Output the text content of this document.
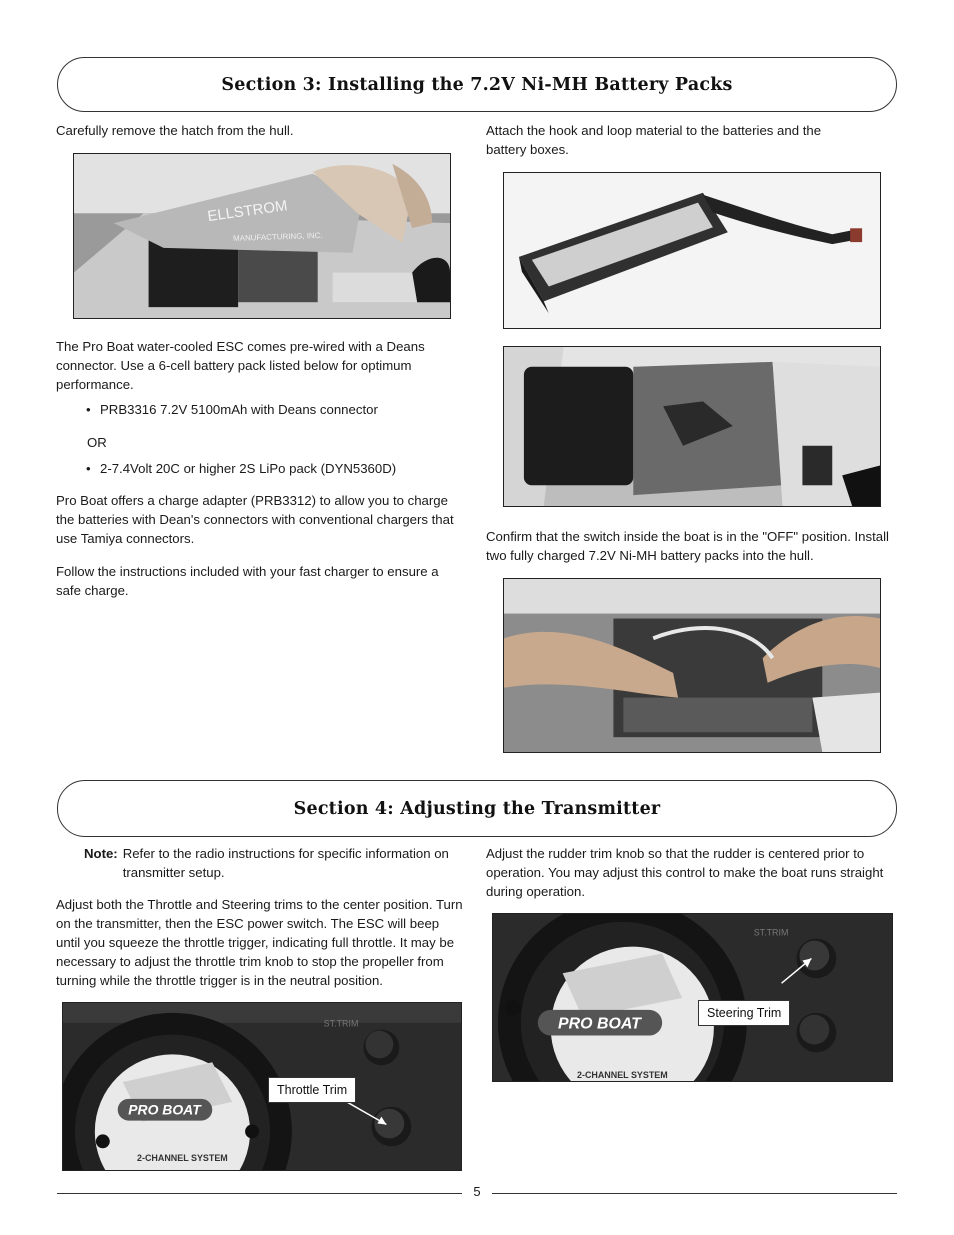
Section 3: Installing the 7.2V Ni-MH Battery Packs
Carefully remove the hatch from the hull.
ELLSTROM
MANUFACTURING, INC.
The Pro Boat water-cooled ESC comes pre-wired with a Deans connector. Use a 6-cell battery pack listed below for optimum performance.
• PRB3316 7.2V 5100mAh with Deans connector
OR
• 2-7.4Volt 20C or higher 2S LiPo pack (DYN5360D)
Pro Boat offers a charge adapter (PRB3312) to allow you to charge the batteries with Dean's connectors with conventional chargers that use Tamiya connectors.
Follow the instructions included with your fast charger to ensure a safe charge.
Attach the hook and loop material to the batteries and the battery boxes.
Confirm that the switch inside the boat is in the "OFF" position. Install two fully charged 7.2V Ni-MH battery packs into the hull.
Section 4: Adjusting the Transmitter
Note: Refer to the radio instructions for specific information on transmitter setup.
Adjust both the Throttle and Steering trims to the center position. Turn on the transmitter, then the ESC power switch. The ESC will beep until you squeeze the throttle trigger, indicating full throttle. It may be necessary to adjust the throttle trim knob to stop the propeller from turning while the throttle trigger is in the neutral position.
PRO BOAT
2-CHANNEL SYSTEM
ST.TRIM
Throttle Trim
Adjust the rudder trim knob so that the rudder is centered prior to operation. You may adjust this control to make the boat runs straight during operation.
PRO BOAT
2-CHANNEL SYSTEM
ST.TRIM
Steering Trim
5
